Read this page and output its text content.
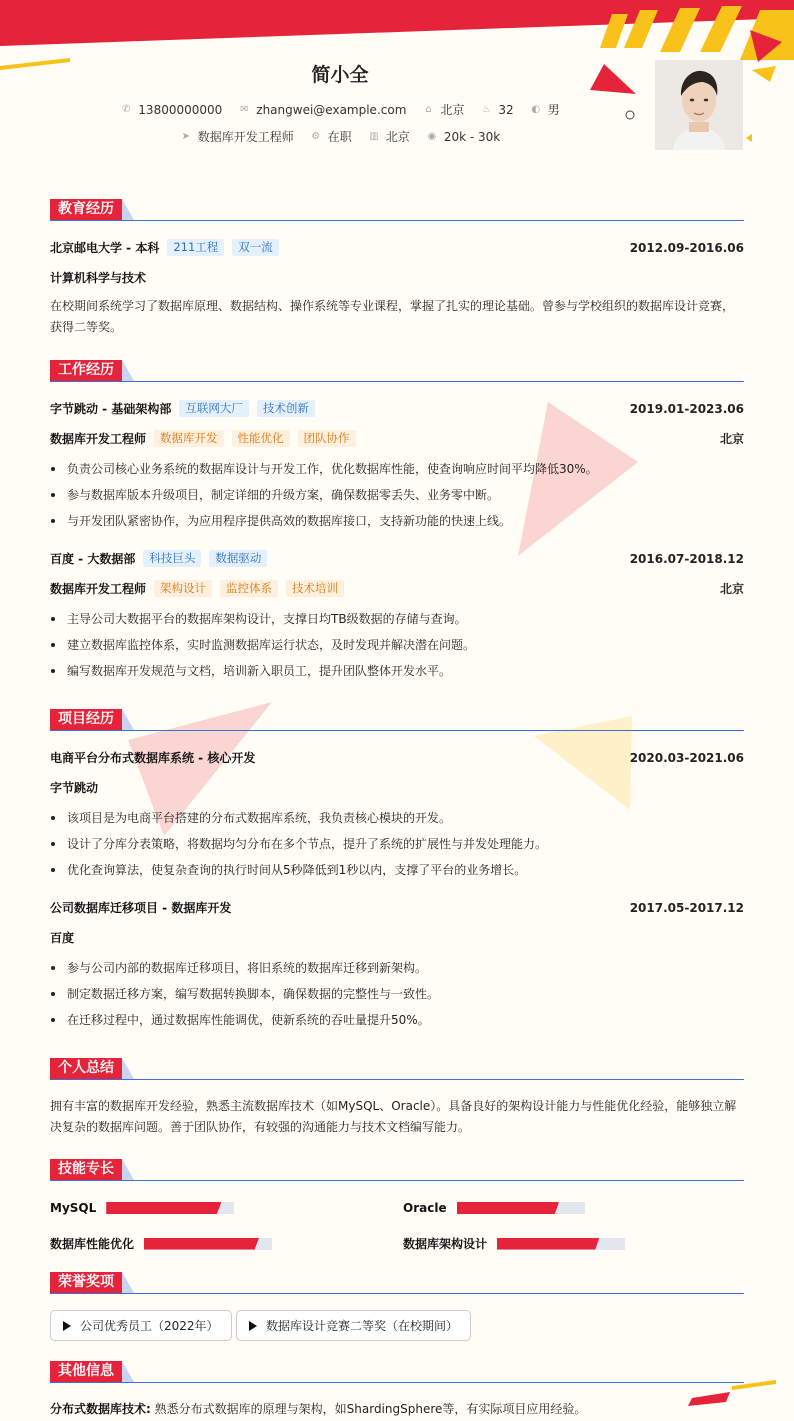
简小全
✆ 13800000000 ✉ zhangwei@example.com ⌂ 北京 ♨ 32 ◐ 男
➤ 数据库开发工程师 ⚙ 在职 ▥ 北京 ◉ 20k - 30k
教育经历
北京邮电大学 - 本科	211工程	双一流	2012.09-2016.06
计算机科学与技术
在校期间系统学习了数据库原理、数据结构、操作系统等专业课程，掌握了扎实的理论基础。曾参与学校组织的数据库设计竞赛，获得二等奖。
工作经历
字节跳动 - 基础架构部	互联网大厂	技术创新	2019.01-2023.06
数据库开发工程师	数据库开发	性能优化	团队协作	北京
负责公司核心业务系统的数据库设计与开发工作，优化数据库性能，使查询响应时间平均降低30%。
参与数据库版本升级项目，制定详细的升级方案，确保数据零丢失、业务零中断。
与开发团队紧密协作，为应用程序提供高效的数据库接口，支持新功能的快速上线。
百度 - 大数据部	科技巨头	数据驱动	2016.07-2018.12
数据库开发工程师	架构设计	监控体系	技术培训	北京
主导公司大数据平台的数据库架构设计，支撑日均TB级数据的存储与查询。
建立数据库监控体系，实时监测数据库运行状态，及时发现并解决潜在问题。
编写数据库开发规范与文档，培训新入职员工，提升团队整体开发水平。
项目经历
电商平台分布式数据库系统 - 核心开发	2020.03-2021.06
字节跳动
该项目是为电商平台搭建的分布式数据库系统，我负责核心模块的开发。
设计了分库分表策略，将数据均匀分布在多个节点，提升了系统的扩展性与并发处理能力。
优化查询算法，使复杂查询的执行时间从5秒降低到1秒以内，支撑了平台的业务增长。
公司数据库迁移项目 - 数据库开发	2017.05-2017.12
百度
参与公司内部的数据库迁移项目，将旧系统的数据库迁移到新架构。
制定数据迁移方案，编写数据转换脚本，确保数据的完整性与一致性。
在迁移过程中，通过数据库性能调优，使新系统的吞吐量提升50%。
个人总结
拥有丰富的数据库开发经验，熟悉主流数据库技术（如MySQL、Oracle）。具备良好的架构设计能力与性能优化经验，能够独立解决复杂的数据库问题。善于团队协作，有较强的沟通能力与技术文档编写能力。
技能专长
MySQL	Oracle
数据库性能优化	数据库架构设计
荣誉奖项
公司优秀员工（2022年）	数据库设计竞赛二等奖（在校期间）
其他信息
分布式数据库技术: 熟悉分布式数据库的原理与架构，如ShardingSphere等，有实际项目应用经验。
